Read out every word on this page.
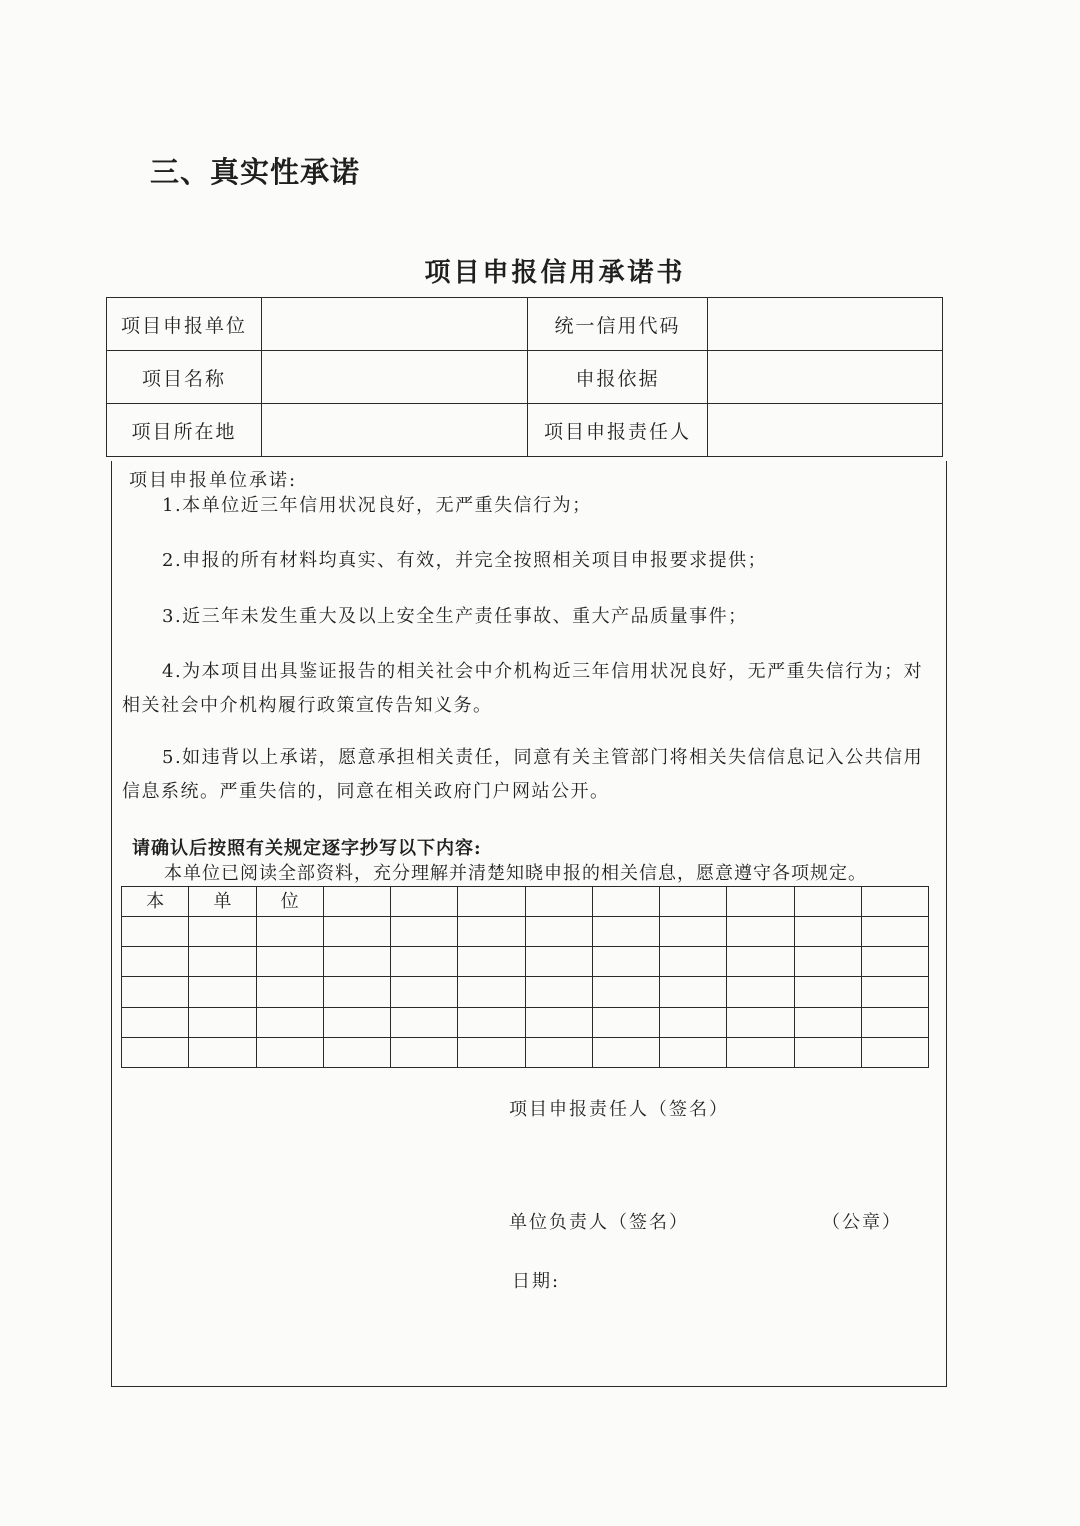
三、真实性承诺
项目申报信用承诺书
项目申报单位		统一信用代码	
项目名称		申报依据	
项目所在地		项目申报责任人	
项目申报单位承诺:
1.本单位近三年信用状况良好，无严重失信行为；
2.申报的所有材料均真实、有效，并完全按照相关项目申报要求提供；
3.近三年未发生重大及以上安全生产责任事故、重大产品质量事件；
4.为本项目出具鉴证报告的相关社会中介机构近三年信用状况良好，无严重失信行为；对相关社会中介机构履行政策宣传告知义务。
5.如违背以上承诺，愿意承担相关责任，同意有关主管部门将相关失信信息记入公共信用信息系统。严重失信的，同意在相关政府门户网站公开。
请确认后按照有关规定逐字抄写以下内容:
本单位已阅读全部资料，充分理解并清楚知晓申报的相关信息，愿意遵守各项规定。
本	单	位									

项目申报责任人（签名）
单位负责人（签名）	（公章）
日期:
